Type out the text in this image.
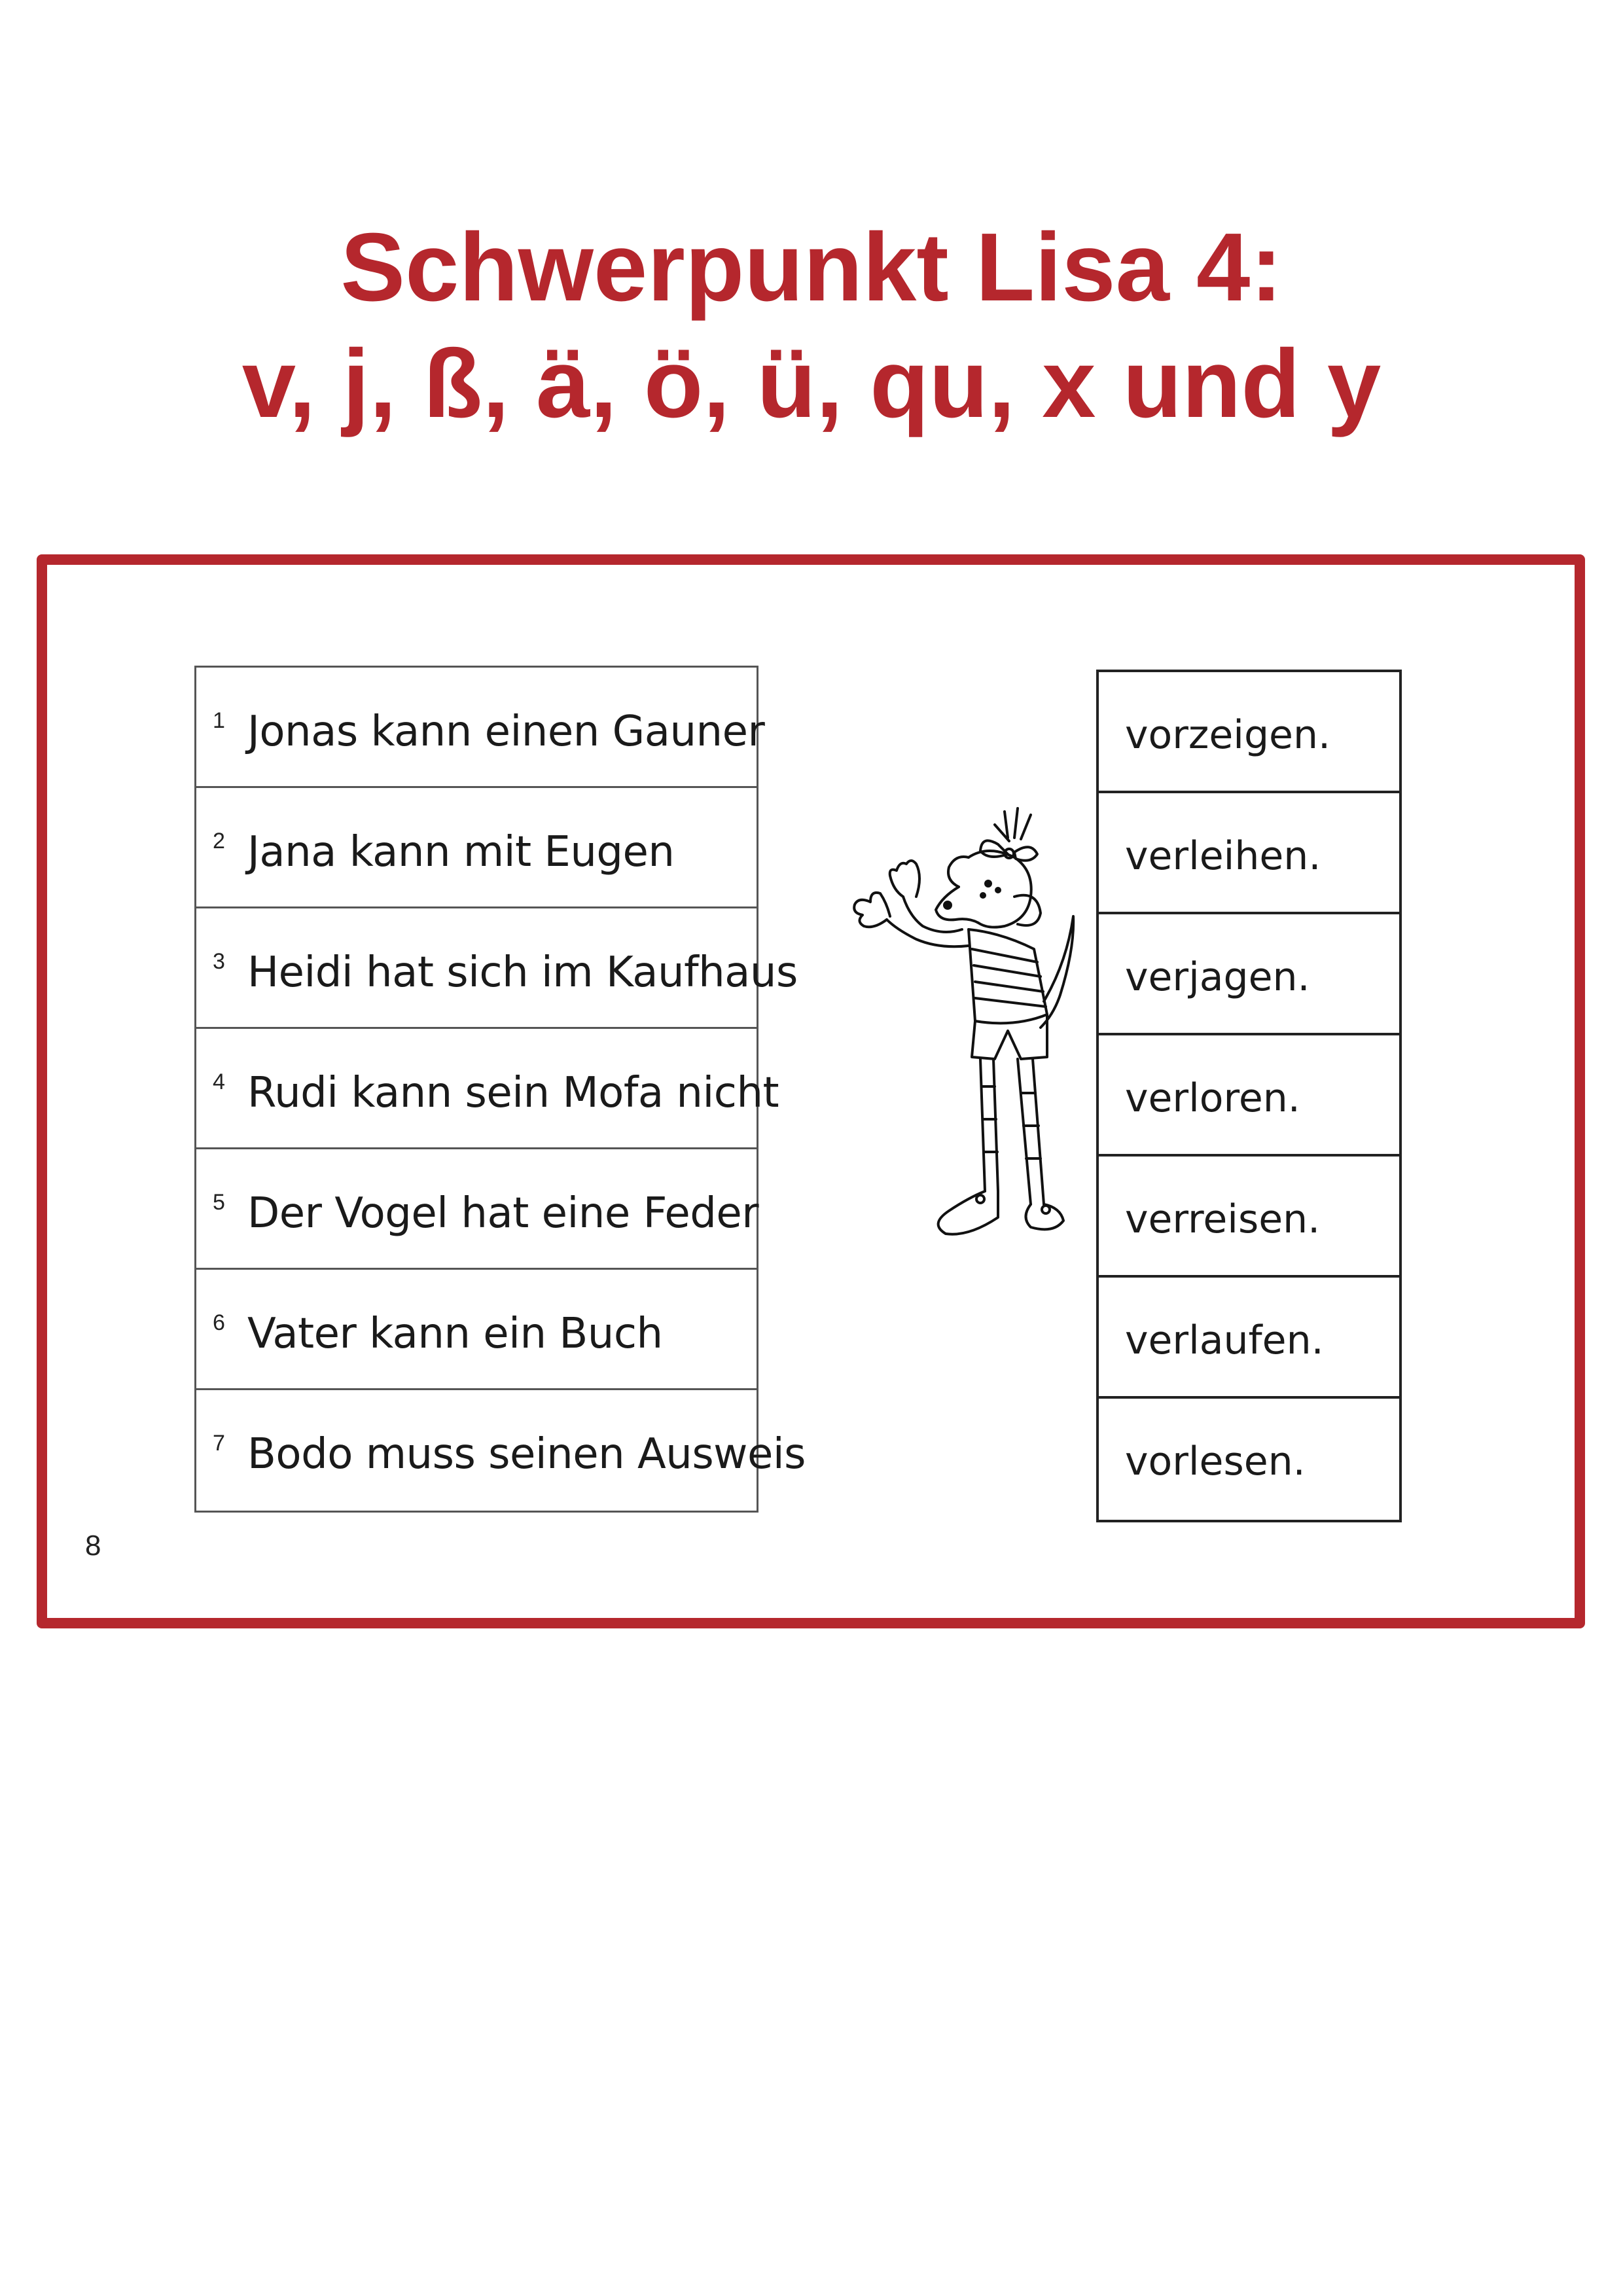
Schwerpunkt Lisa 4:
v, j, ß, ä, ö, ü, qu, x und y
1 Jonas kann einen Gauner
2 Jana kann mit Eugen
3 Heidi hat sich im Kaufhaus
4 Rudi kann sein Mofa nicht
5 Der Vogel hat eine Feder
6 Vater kann ein Buch
7 Bodo muss seinen Ausweis
vorzeigen.
verleihen.
verjagen.
verloren.
verreisen.
verlaufen.
vorlesen.
8
